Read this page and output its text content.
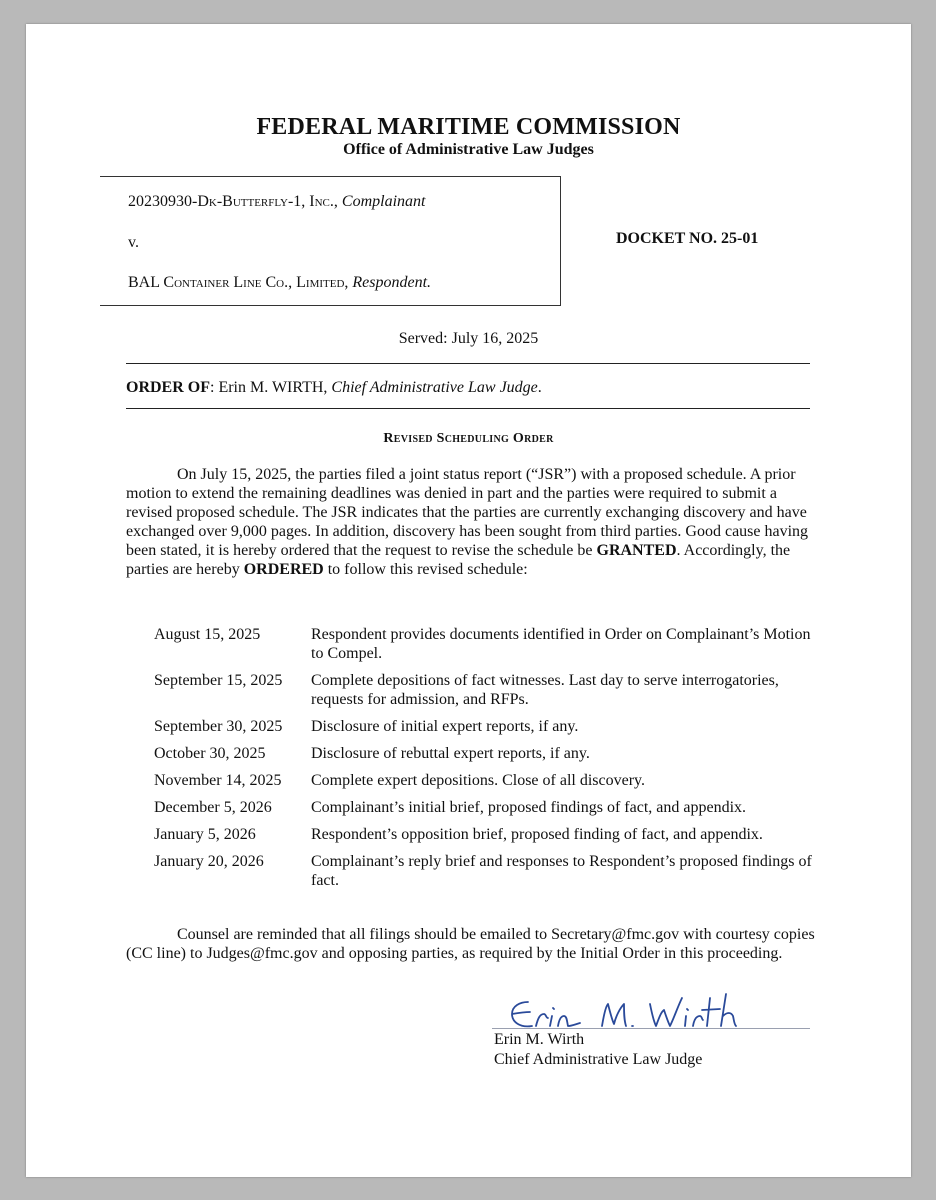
FEDERAL MARITIME COMMISSION
Office of Administrative Law Judges
20230930-Dk-Butterfly-1, Inc., Complainant
v.
BAL Container Line Co., Limited, Respondent.
DOCKET NO. 25-01
Served: July 16, 2025
ORDER OF: Erin M. WIRTH, Chief Administrative Law Judge.
Revised Scheduling Order

On July 15, 2025, the parties filed a joint status report (“JSR”) with a proposed schedule. A prior motion to extend the remaining deadlines was denied in part and the parties were required to submit a revised proposed schedule. The JSR indicates that the parties are currently exchanging discovery and have exchanged over 9,000 pages. In addition, discovery has been sought from third parties. Good cause having been stated, it is hereby ordered that the request to revise the schedule be GRANTED. Accordingly, the parties are hereby ORDERED to follow this revised schedule:

August 15, 2025	Respondent provides documents identified in Order on Complainant’s Motion to Compel.
September 15, 2025	Complete depositions of fact witnesses. Last day to serve interrogatories, requests for admission, and RFPs.
September 30, 2025	Disclosure of initial expert reports, if any.
October 30, 2025	Disclosure of rebuttal expert reports, if any.
November 14, 2025	Complete expert depositions. Close of all discovery.
December 5, 2026	Complainant’s initial brief, proposed findings of fact, and appendix.
January 5, 2026	Respondent’s opposition brief, proposed finding of fact, and appendix.
January 20, 2026	Complainant’s reply brief and responses to Respondent’s proposed findings of fact.

Counsel are reminded that all filings should be emailed to Secretary@fmc.gov with courtesy copies (CC line) to Judges@fmc.gov and opposing parties, as required by the Initial Order in this proceeding.

Erin M. Wirth
Chief Administrative Law Judge
